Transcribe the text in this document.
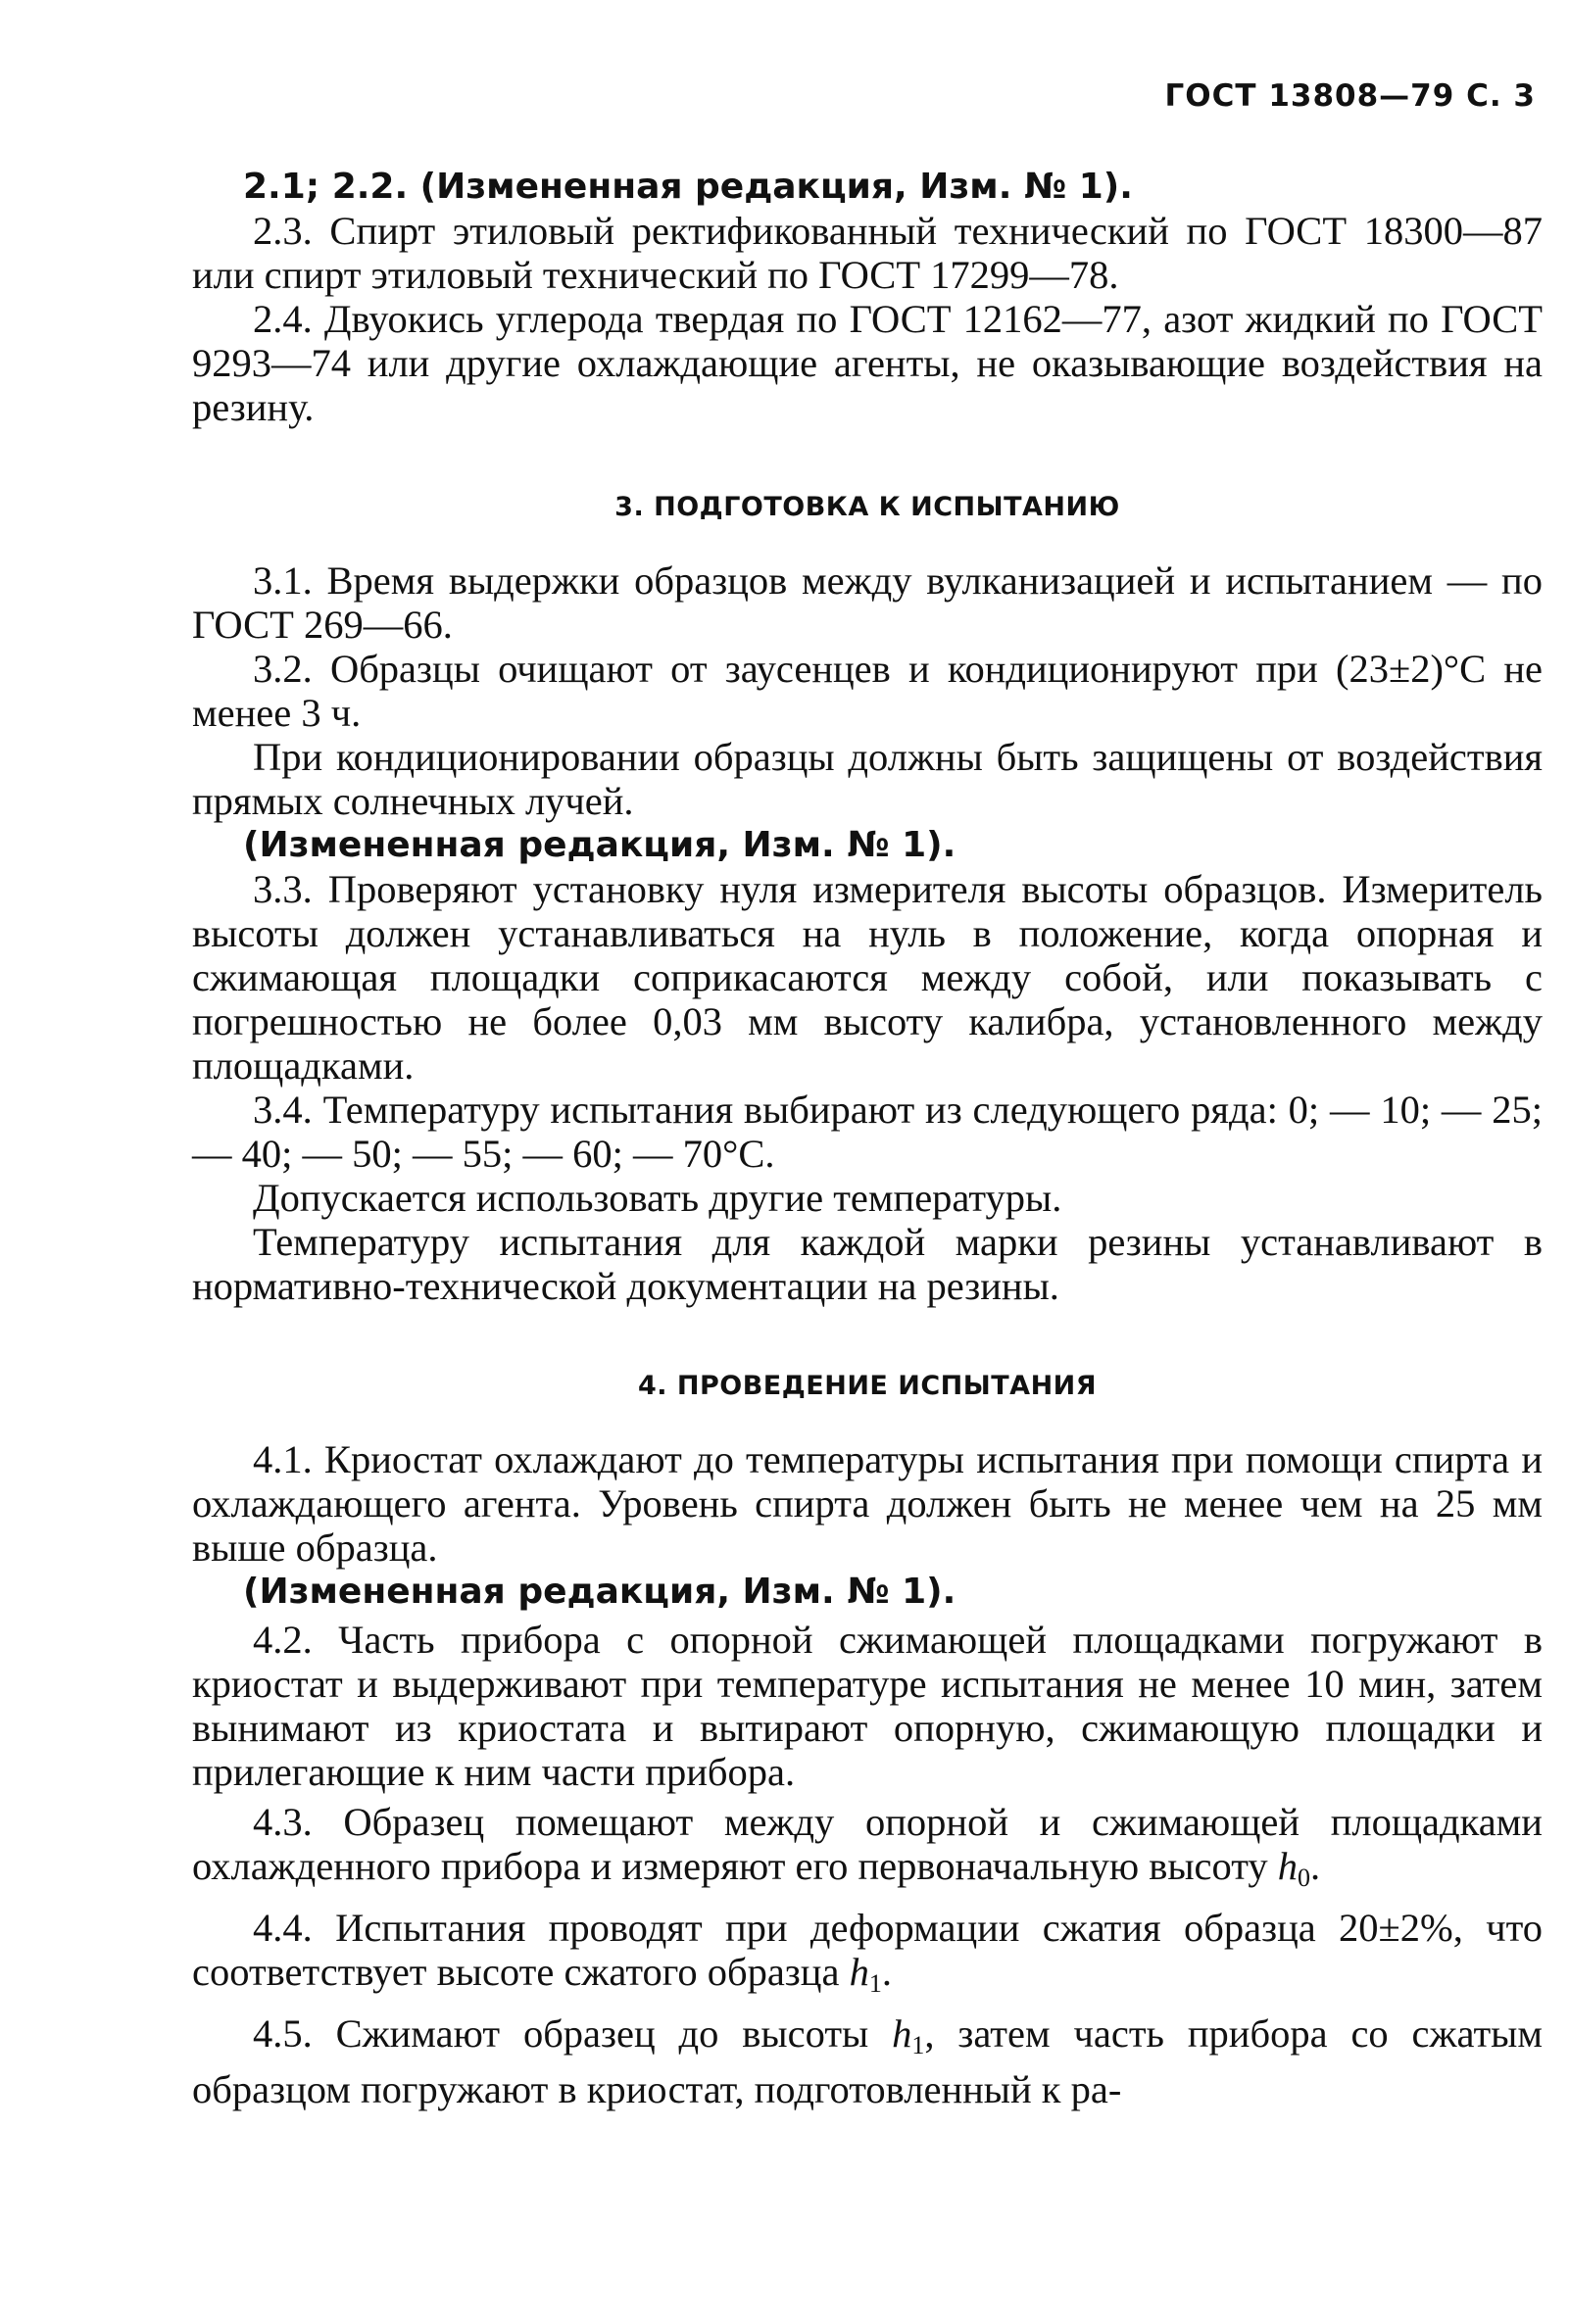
ГОСТ 13808—79 С. 3

2.1; 2.2. (Измененная редакция, Изм. № 1).

2.3. Спирт этиловый ректификованный технический по ГОСТ 18300—87 или спирт этиловый технический по ГОСТ 17299—78.

2.4. Двуокись углерода твердая по ГОСТ 12162—77, азот жидкий по ГОСТ 9293—74 или другие охлаждающие агенты, не оказывающие воздействия на резину.

3. ПОДГОТОВКА К ИСПЫТАНИЮ

3.1. Время выдержки образцов между вулканизацией и испытанием — по ГОСТ 269—66.

3.2. Образцы очищают от заусенцев и кондиционируют при (23±2)°С не менее 3 ч.

При кондиционировании образцы должны быть защищены от воздействия прямых солнечных лучей.

(Измененная редакция, Изм. № 1).

3.3. Проверяют установку нуля измерителя высоты образцов. Измеритель высоты должен устанавливаться на нуль в положение, когда опорная и сжимающая площадки соприкасаются между собой, или показывать с погрешностью не более 0,03 мм высоту калибра, установленного между площадками.

3.4. Температуру испытания выбирают из следующего ряда: 0; — 10; — 25; — 40; — 50; — 55; — 60; — 70°С.

Допускается использовать другие температуры.

Температуру испытания для каждой марки резины устанавливают в нормативно-технической документации на резины.

4. ПРОВЕДЕНИЕ ИСПЫТАНИЯ

4.1. Криостат охлаждают до температуры испытания при помощи спирта и охлаждающего агента. Уровень спирта должен быть не менее чем на 25 мм выше образца.

(Измененная редакция, Изм. № 1).

4.2. Часть прибора с опорной сжимающей площадками погружают в криостат и выдерживают при температуре испытания не менее 10 мин, затем вынимают из криостата и вытирают опорную, сжимающую площадки и прилегающие к ним части прибора.

4.3. Образец помещают между опорной и сжимающей площадками охлажденного прибора и измеряют его первоначальную высоту $h_0$.

4.4. Испытания проводят при деформации сжатия образца 20±2%, что соответствует высоте сжатого образца $h_1$.

4.5. Сжимают образец до высоты $h_1$, затем часть прибора со сжатым образцом погружают в криостат, подготовленный к ра-
